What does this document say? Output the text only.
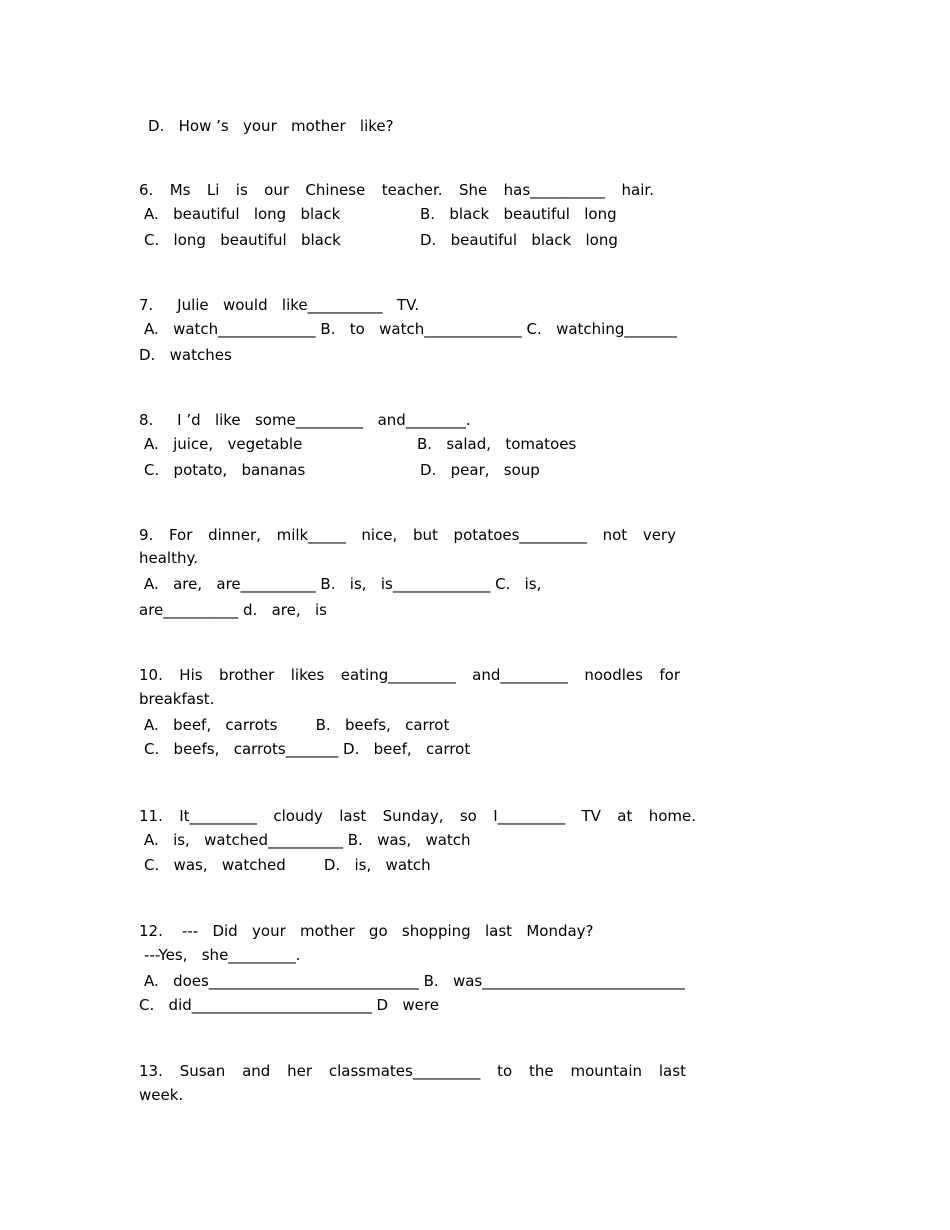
D.   How ’s   your   mother   like?
6. Ms Li is our Chinese teacher. She has__________ hair.
A.   beautiful   long   black	B.   black   beautiful   long
C.   long   beautiful   black	D.   beautiful   black   long
7.     Julie   would   like__________   TV.
A.   watch_____________ B.   to   watch_____________ C.   watching_______
D.   watches
8.     I ’d   like   some_________   and________.
A.   juice,   vegetable	B.   salad,   tomatoes
C.   potato,   bananas	D.   pear,   soup
9. For dinner, milk_____ nice, but potatoes_________ not very
healthy.
A.   are,   are__________ B.   is,   is_____________ C.   is,
are__________ d.   are,   is
10. His brother likes eating_________ and_________ noodles for
breakfast.
A.   beef,   carrots        B.   beefs,   carrot
C.   beefs,   carrots_______ D.   beef,   carrot
11. It_________ cloudy last Sunday, so I_________ TV at home.
A.   is,   watched__________ B.   was,   watch
C.   was,   watched        D.   is,   watch
12.    ---   Did   your   mother   go   shopping   last   Monday?
---Yes,   she_________.
A.   does____________________________ B.   was___________________________
C.   did________________________ D   were
13. Susan and her classmates_________ to the mountain last
week.
